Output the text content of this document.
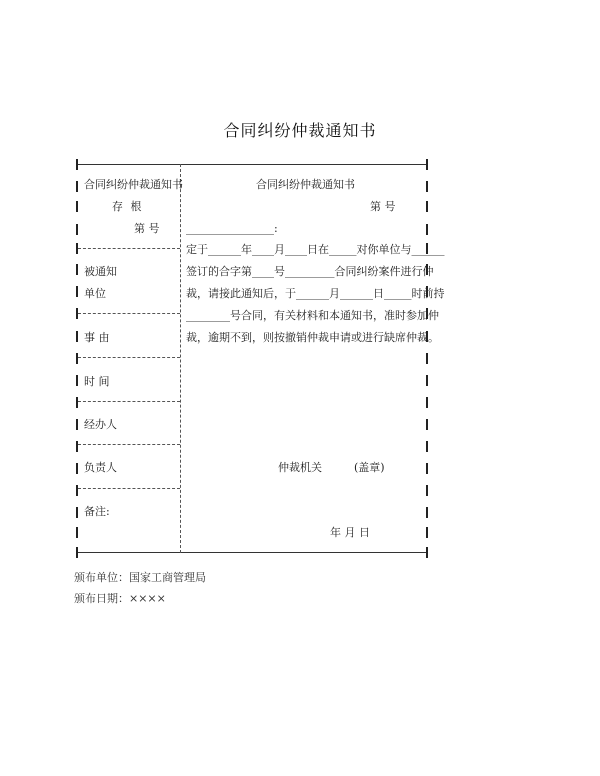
合同纠纷仲裁通知书
合同纠纷仲裁通知书
存 根
第 号
被通知
单位
事 由
时 间
经办人
负责人
备注:
合同纠纷仲裁通知书
第 号
________________:
定于______年____月____日在_____对你单位与______
签订的合字第____号_________合同纠纷案件进行仲
裁，请接此通知后，于______月______日_____时前持
________号合同，有关材料和本通知书，准时参加仲
裁，逾期不到，则按撤销仲裁申请或进行缺席仲裁。
仲裁机关	(盖章)
年 月 日
颁布单位：国家工商管理局
颁布日期：××××
